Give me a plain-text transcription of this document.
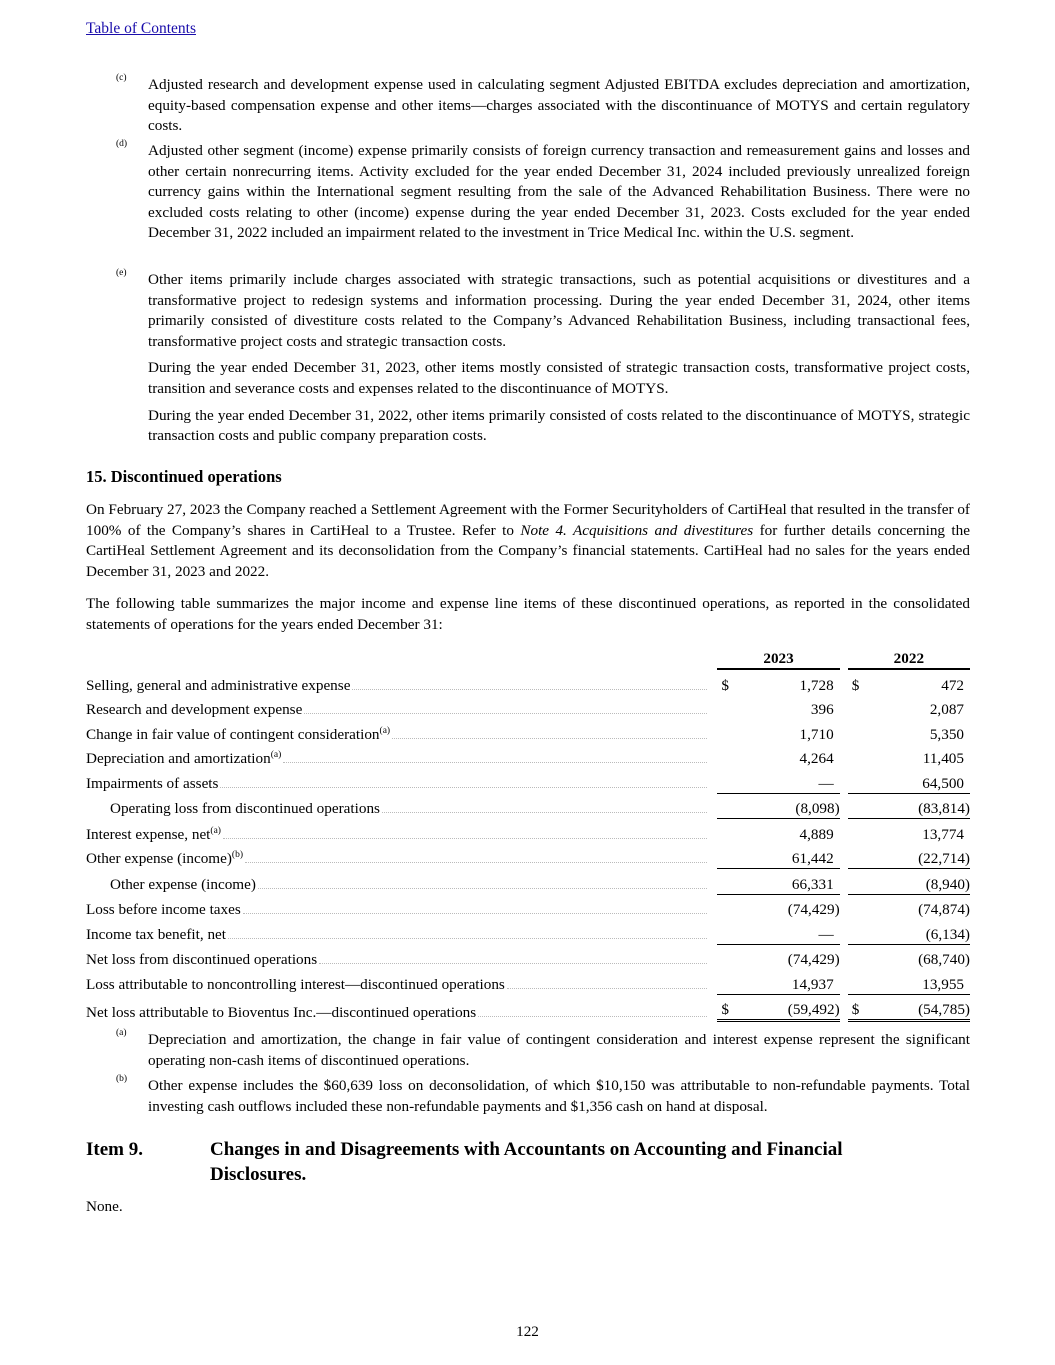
Table of Contents
(c) Adjusted research and development expense used in calculating segment Adjusted EBITDA excludes depreciation and amortization, equity-based compensation expense and other items—charges associated with the discontinuance of MOTYS and certain regulatory costs.
(d) Adjusted other segment (income) expense primarily consists of foreign currency transaction and remeasurement gains and losses and other certain nonrecurring items. Activity excluded for the year ended December 31, 2024 included previously unrealized foreign currency gains within the International segment resulting from the sale of the Advanced Rehabilitation Business. There were no excluded costs relating to other (income) expense during the year ended December 31, 2023. Costs excluded for the year ended December 31, 2022 included an impairment related to the investment in Trice Medical Inc. within the U.S. segment.
(e) Other items primarily include charges associated with strategic transactions, such as potential acquisitions or divestitures and a transformative project to redesign systems and information processing. During the year ended December 31, 2024, other items primarily consisted of divestiture costs related to the Company’s Advanced Rehabilitation Business, including transactional fees, transformative project costs and strategic transaction costs.
During the year ended December 31, 2023, other items mostly consisted of strategic transaction costs, transformative project costs, transition and severance costs and expenses related to the discontinuance of MOTYS.
During the year ended December 31, 2022, other items primarily consisted of costs related to the discontinuance of MOTYS, strategic transaction costs and public company preparation costs.
15. Discontinued operations
On February 27, 2023 the Company reached a Settlement Agreement with the Former Securityholders of CartiHeal that resulted in the transfer of 100% of the Company’s shares in CartiHeal to a Trustee. Refer to Note 4. Acquisitions and divestitures for further details concerning the CartiHeal Settlement Agreement and its deconsolidation from the Company’s financial statements. CartiHeal had no sales for the years ended December 31, 2023 and 2022.
The following table summarizes the major income and expense line items of these discontinued operations, as reported in the consolidated statements of operations for the years ended December 31:
		2023			2022	

Selling, general and administrative expense		$	1,728		$	472

Research and development expense			396			2,087

Change in fair value of contingent consideration$^{(a)}$			1,710			5,350

Depreciation and amortization$^{(a)}$			4,264			11,405

Impairments of assets			—			64,500

Operating loss from discontinued operations			(8,098)			(83,814)

Interest expense, net$^{(a)}$			4,889			13,774

Other expense (income)$^{(b)}$			61,442			(22,714)

Other expense (income)			66,331			(8,940)

Loss before income taxes			(74,429)			(74,874)

Income tax benefit, net			—			(6,134)

Net loss from discontinued operations			(74,429)			(68,740)

Loss attributable to noncontrolling interest—discontinued operations			14,937			13,955

Net loss attributable to Bioventus Inc.—discontinued operations		$	(59,492)		$	(54,785)
(a) Depreciation and amortization, the change in fair value of contingent consideration and interest expense represent the significant operating non-cash items of discontinued operations.
(b) Other expense includes the $60,639 loss on deconsolidation, of which $10,150 was attributable to non-refundable payments. Total investing cash outflows included these non-refundable payments and $1,356 cash on hand at disposal.
Item 9.	Changes in and Disagreements with Accountants on Accounting and Financial Disclosures.
None.
122
